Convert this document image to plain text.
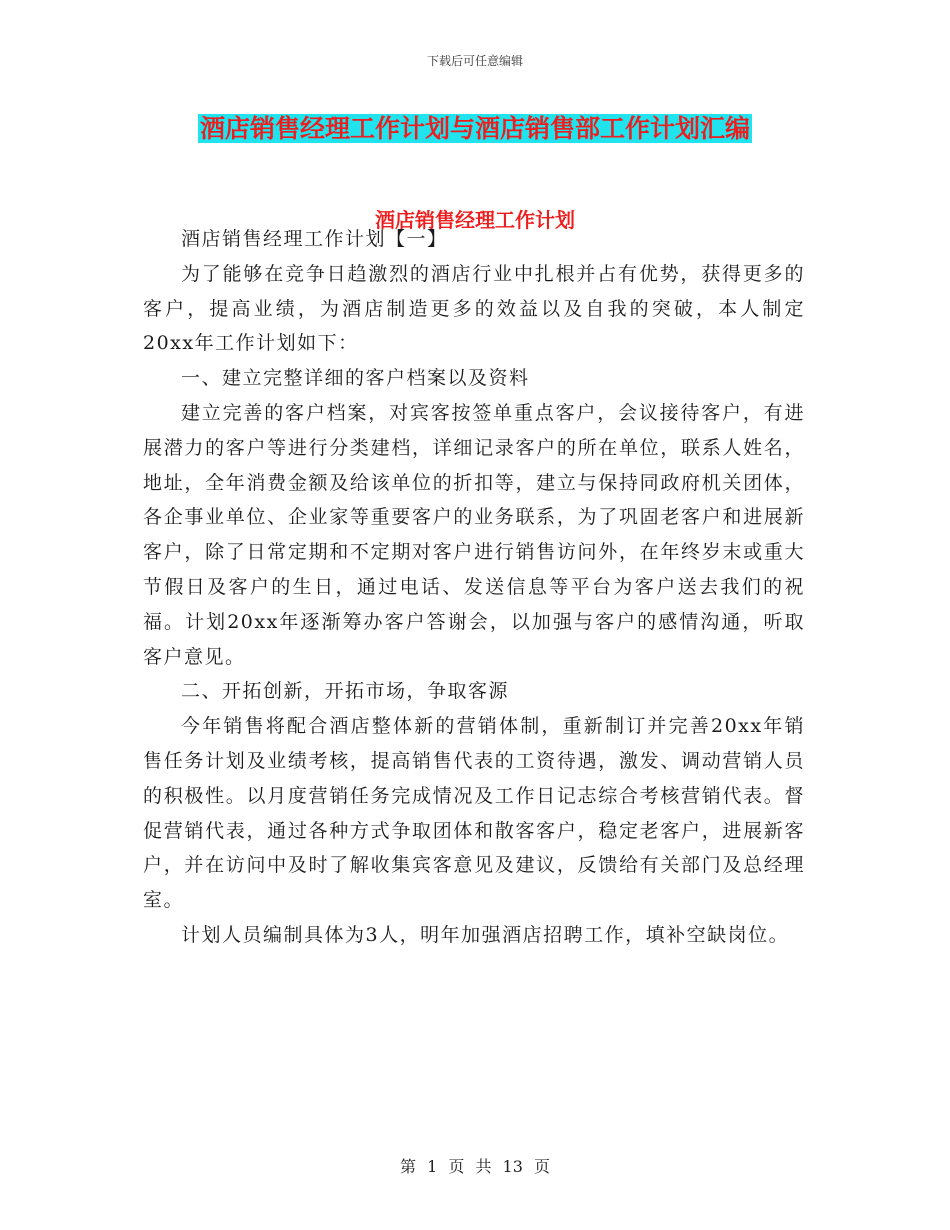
下载后可任意编辑
酒店销售经理工作计划与酒店销售部工作计划汇编
酒店销售经理工作计划

酒店销售经理工作计划【一】

为了能够在竞争日趋激烈的酒店行业中扎根并占有优势，获得更多的客户，提高业绩，为酒店制造更多的效益以及自我的突破，本人制定20xx年工作计划如下：

一、建立完整详细的客户档案以及资料

建立完善的客户档案，对宾客按签单重点客户，会议接待客户，有进展潜力的客户等进行分类建档，详细记录客户的所在单位，联系人姓名，地址，全年消费金额及给该单位的折扣等，建立与保持同政府机关团体，各企事业单位、企业家等重要客户的业务联系，为了巩固老客户和进展新客户，除了日常定期和不定期对客户进行销售访问外，在年终岁末或重大节假日及客户的生日，通过电话、发送信息等平台为客户送去我们的祝福。计划20xx年逐渐筹办客户答谢会，以加强与客户的感情沟通，听取客户意见。

二、开拓创新，开拓市场，争取客源

今年销售将配合酒店整体新的营销体制，重新制订并完善20xx年销售任务计划及业绩考核，提高销售代表的工资待遇，激发、调动营销人员的积极性。以月度营销任务完成情况及工作日记志综合考核营销代表。督促营销代表，通过各种方式争取团体和散客客户，稳定老客户，进展新客户，并在访问中及时了解收集宾客意见及建议，反馈给有关部门及总经理室。

计划人员编制具体为3人，明年加强酒店招聘工作，填补空缺岗位。

第 1 页 共 13 页
